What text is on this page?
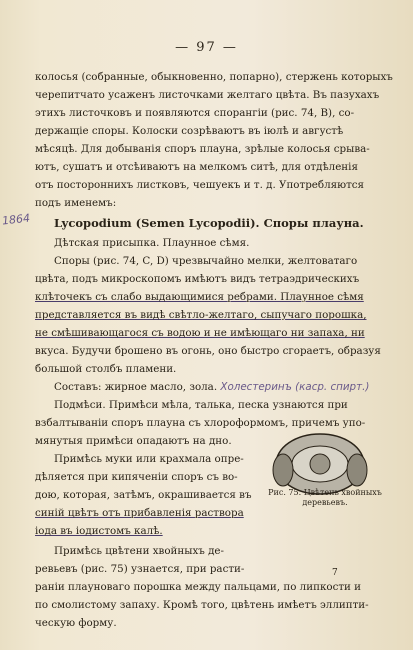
— 97 —
колосья (собранные, обыкновенно, попарно), стержень которыхъ
черепитчато усаженъ листочками желтаго цвѣта. Въ пазухахъ
этихъ листочковъ и появляются спорангіи (рис. 74, B), со-
держащіе споры. Колоски созрѣваютъ въ іюлѣ и августѣ
мѣсяцѣ. Для добыванія споръ плауна, зрѣлые колосья срыва-
ютъ, сушатъ и отсѣиваютъ на мелкомъ ситѣ, для отдѣленія
отъ постороннихъ листковъ, чешуекъ и т. д. Употребляются
подъ именемъ:
1864 Lycopodium (Semen Lycopodii). Споры плауна.
Дѣтская присыпка. Плаунное сѣмя.
Споры (рис. 74, C, D) чрезвычайно мелки, желтоватаго
цвѣта, подъ микроскопомъ имѣютъ видъ тетраэдрическихъ
клѣточекъ съ слабо выдающимися ребрами. Плаунное сѣмя
представляется въ видѣ свѣтло-желтаго, сыпучаго порошка,
не смѣшивающагося съ водою и не имѣющаго ни запаха, ни
вкуса. Будучи брошено въ огонь, оно быстро сгораетъ, образуя
большой столбъ пламени.
Составъ: жирное масло, зола. Холестеринъ (каср. спирт.)
Подмѣси. Примѣси мѣла, талька, песка узнаются при
взбалтываніи споръ плауна съ хлороформомъ, причемъ упо-
мянутыя примѣси опадаютъ на дно.
Примѣсь муки или крахмала опре-
дѣляется при кипяченіи споръ съ во-
дою, которая, затѣмъ, окрашивается въ
синій цвѣтъ отъ прибавленія раствора
іода въ іодистомъ калѣ.
Примѣсь цвѣтени хвойныхъ де-
ревьевъ (рис. 75) узнается, при расти-
раніи плауноваго порошка между пальцами, по липкости и
по смолистому запаху. Кромѣ того, цвѣтень имѣетъ эллипти-
ческую форму.
Рис. 75. Цвѣтень хвойныхъ деревьевъ.
7
